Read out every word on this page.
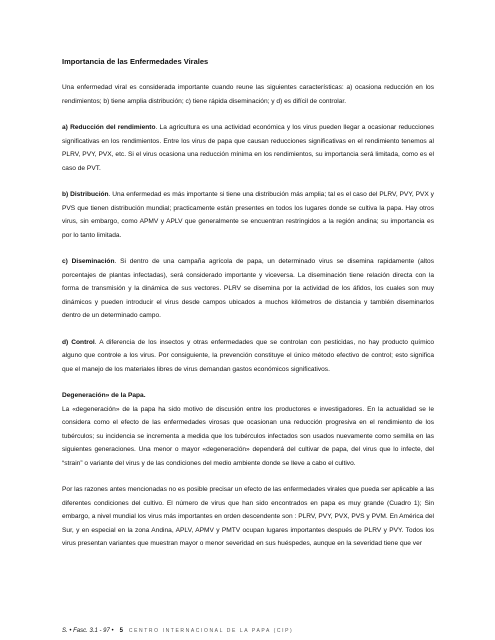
Importancia de las Enfermedades Virales

Una enfermedad viral es considerada importante cuando reune las siguientes características: a) ocasiona reducción en los rendimientos; b) tiene amplia distribución; c) tiene rápida diseminación; y d) es difícil de controlar.

a) Reducción del rendimiento. La agricultura es una actividad económica y los virus pueden llegar a ocasionar reducciones significativas en los rendimientos. Entre los virus de papa que causan reducciones significativas en el rendimiento tenemos al PLRV, PVY, PVX, etc. Si el virus ocasiona una reducción mínima en los rendimientos, su importancia será limitada, como es el caso de PVT.

b) Distribución. Una enfermedad es más importante si tiene una distribución más amplia; tal es el caso del PLRV, PVY, PVX y PVS que tienen distribución mundial; practicamente están presentes en todos los lugares donde se cultiva la papa. Hay otros virus, sin embargo, como APMV y APLV que generalmente se encuentran restringidos a la región andina; su importancia es por lo tanto limitada.

c) Diseminación. Si dentro de una campaña agrícola de papa, un determinado virus se disemina rapidamente (altos porcentajes de plantas infectadas), será considerado importante y viceversa. La diseminación tiene relación directa con la forma de transmisión y la dinámica de sus vectores. PLRV se disemina por la actividad de los áfidos, los cuales son muy dinámicos y pueden introducir el virus desde campos ubicados a muchos kilómetros de distancia y también diseminarlos dentro de un determinado campo.

d) Control. A diferencia de los insectos y otras enfermedades que se controlan con pesticidas, no hay producto químico alguno que controle a los virus. Por consiguiente, la prevención constituye el único método efectivo de control; esto significa que el manejo de los materiales libres de virus demandan gastos económicos significativos.

Degeneración» de la Papa.

La «degeneración» de la papa ha sido motivo de discusión entre los productores e investigadores. En la actualidad se le considera como el efecto de las enfermedades virosas que ocasionan una reducción progresiva en el rendimiento de los tubérculos; su incidencia se incrementa a medida que los tubérculos infectados son usados nuevamente como semilla en las siguientes generaciones. Una menor o mayor «degeneración» dependerá del cultivar de papa, del virus que lo infecte, del “strain” o variante del virus y de las condiciones del medio ambiente donde se lleve a cabo el cultivo.

Por las razones antes mencionadas no es posible precisar un efecto de las enfermedades virales que pueda ser aplicable a las diferentes condiciones del cultivo. El número de virus que han sido encontrados en papa es muy grande (Cuadro 1); Sin embargo, a nivel mundial los virus más importantes en orden descendente son : PLRV, PVY, PVX, PVS y PVM. En América del Sur, y en especial en la zona Andina, APLV, APMV y PMTV ocupan lugares importantes después de PLRV y PVY. Todos los virus presentan variantes que muestran mayor o menor severidad en sus huéspedes, aunque en la severidad tiene que ver

S. • Fasc. 3.1 - 97 • 5 CENTRO INTERNACIONAL DE LA PAPA (CIP)
